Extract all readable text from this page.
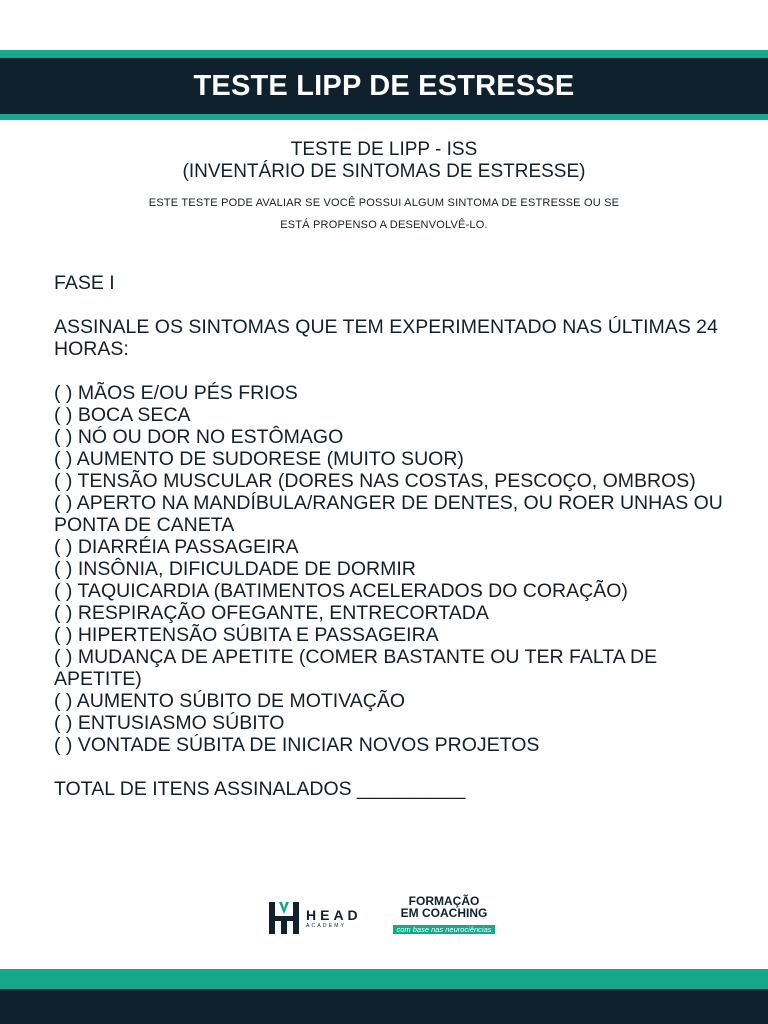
TESTE LIPP DE ESTRESSE
TESTE DE LIPP - ISS
(INVENTÁRIO DE SINTOMAS DE ESTRESSE)
ESTE TESTE PODE AVALIAR SE VOCÊ POSSUI ALGUM SINTOMA DE ESTRESSE OU SE
ESTÁ PROPENSO A DESENVOLVÊ-LO.
FASE I
ASSINALE OS SINTOMAS QUE TEM EXPERIMENTADO NAS ÚLTIMAS 24 HORAS:
( ) MÃOS E/OU PÉS FRIOS
( ) BOCA SECA
( ) NÓ OU DOR NO ESTÔMAGO
( ) AUMENTO DE SUDORESE (MUITO SUOR)
( ) TENSÃO MUSCULAR (DORES NAS COSTAS, PESCOÇO, OMBROS)
( ) APERTO NA MANDÍBULA/RANGER DE DENTES, OU ROER UNHAS OU PONTA DE CANETA
( ) DIARRÉIA PASSAGEIRA
( ) INSÔNIA, DIFICULDADE DE DORMIR
( ) TAQUICARDIA (BATIMENTOS ACELERADOS DO CORAÇÃO)
( ) RESPIRAÇÃO OFEGANTE, ENTRECORTADA
( ) HIPERTENSÃO SÚBITA E PASSAGEIRA
( ) MUDANÇA DE APETITE (COMER BASTANTE OU TER FALTA DE APETITE)
( ) AUMENTO SÚBITO DE MOTIVAÇÃO
( ) ENTUSIASMO SÚBITO
( ) VONTADE SÚBITA DE INICIAR NOVOS PROJETOS
TOTAL DE ITENS ASSINALADOS __________
HEAD
ACADEMY
FORMAÇÃO
EM COACHING
com base nas neurociências
